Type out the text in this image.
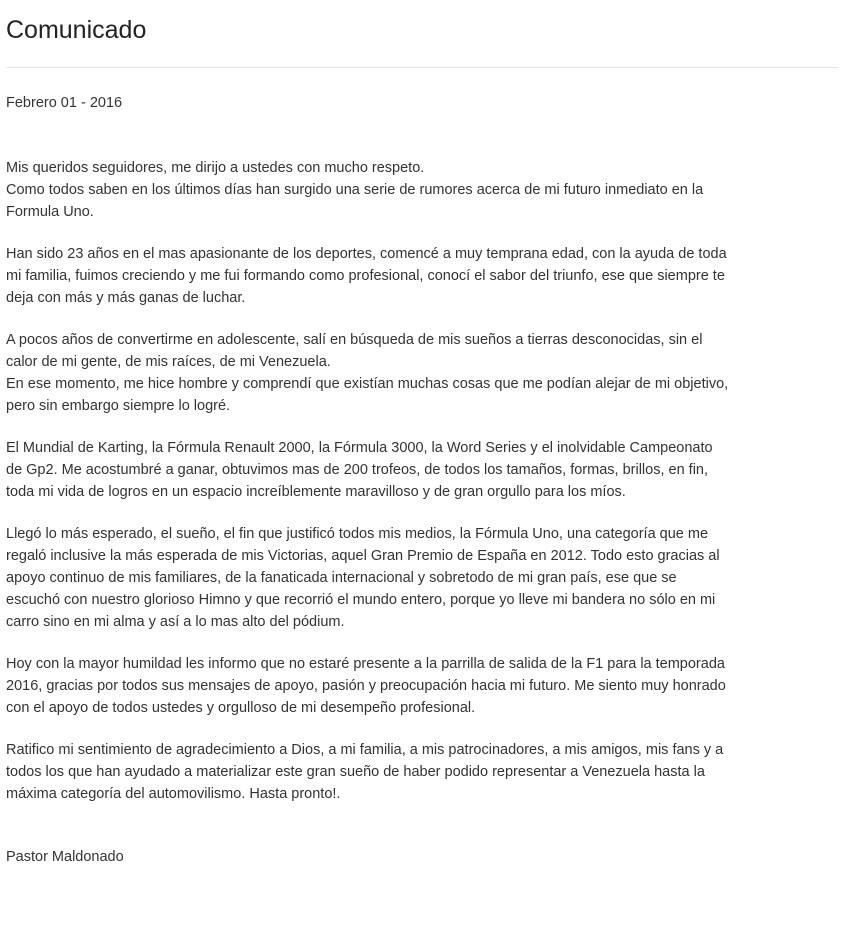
Comunicado
Febrero 01 - 2016

Mis queridos seguidores, me dirijo a ustedes con mucho respeto.
Como todos saben en los últimos días han surgido una serie de rumores acerca de mi futuro inmediato en la
Formula Uno.

Han sido 23 años en el mas apasionante de los deportes, comencé a muy temprana edad, con la ayuda de toda
mi familia, fuimos creciendo y me fui formando como profesional, conocí el sabor del triunfo, ese que siempre te
deja con más y más ganas de luchar.

A pocos años de convertirme en adolescente, salí en búsqueda de mis sueños a tierras desconocidas, sin el
calor de mi gente, de mis raíces, de mi Venezuela.
En ese momento, me hice hombre y comprendí que existían muchas cosas que me podían alejar de mi objetivo,
pero sin embargo siempre lo logré.

El Mundial de Karting, la Fórmula Renault 2000, la Fórmula 3000, la Word Series y el inolvidable Campeonato
de Gp2. Me acostumbré a ganar, obtuvimos mas de 200 trofeos, de todos los tamaños, formas, brillos, en fin,
toda mi vida de logros en un espacio increíblemente maravilloso y de gran orgullo para los míos.

Llegó lo más esperado, el sueño, el fin que justificó todos mis medios, la Fórmula Uno, una categoría que me
regaló inclusive la más esperada de mis Victorias, aquel Gran Premio de España en 2012. Todo esto gracias al
apoyo continuo de mis familiares, de la fanaticada internacional y sobretodo de mi gran país, ese que se
escuchó con nuestro glorioso Himno y que recorrió el mundo entero, porque yo lleve mi bandera no sólo en mi
carro sino en mi alma y así a lo mas alto del pódium.

Hoy con la mayor humildad les informo que no estaré presente a la parrilla de salida de la F1 para la temporada
2016, gracias por todos sus mensajes de apoyo, pasión y preocupación hacia mi futuro. Me siento muy honrado
con el apoyo de todos ustedes y orgulloso de mi desempeño profesional.

Ratifico mi sentimiento de agradecimiento a Dios, a mi familia, a mis patrocinadores, a mis amigos, mis fans y a
todos los que han ayudado a materializar este gran sueño de haber podido representar a Venezuela hasta la
máxima categoría del automovilismo. Hasta pronto!.

Pastor Maldonado
